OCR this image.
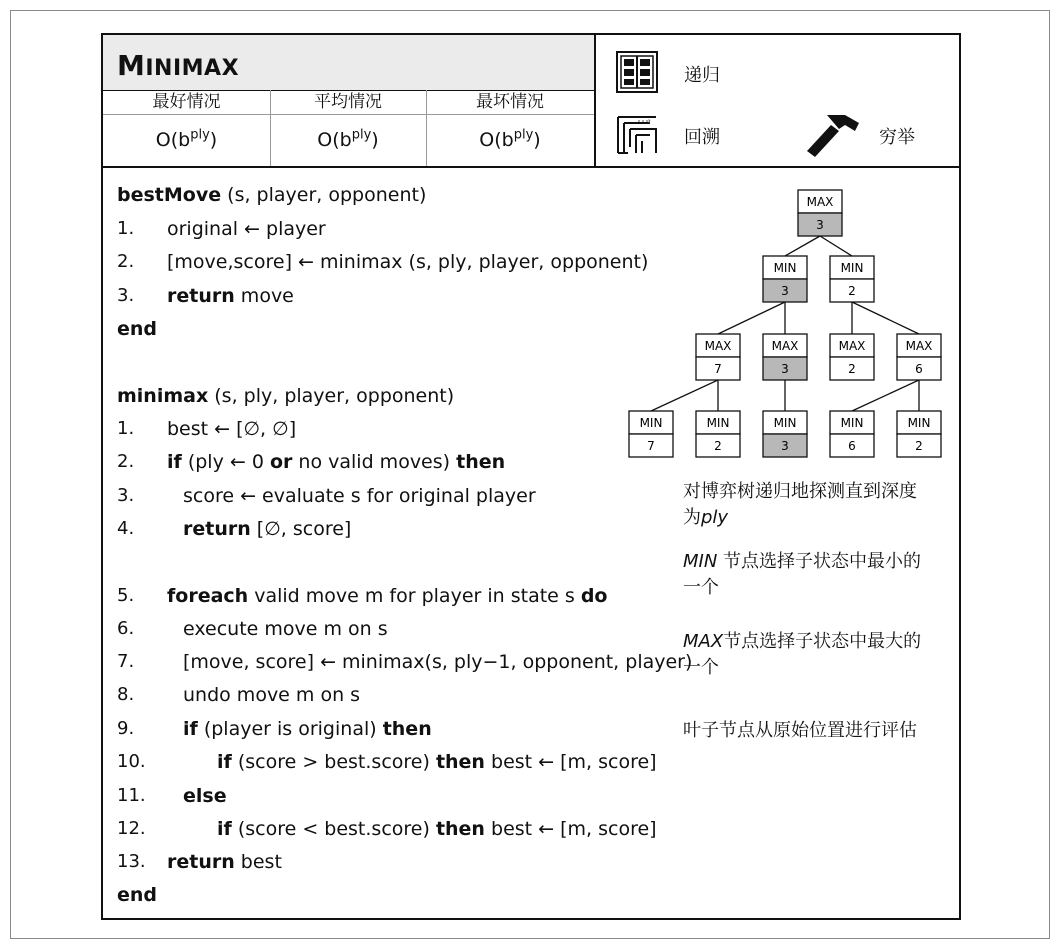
MINIMAX
最好情况	平均情况	最坏情况
$O(b^{ply})$	$O(b^{ply})$	$O(b^{ply})$
递归
回溯	穷举
MAX
3
MIN
3
MIN
2
MAX
7
MAX
3
MAX
2
MAX
6
MIN
7
MIN
2
MIN
3
MIN
6
MIN
2
bestMove (s, player, opponent)
1. original ← player
2. [move,score] ← minimax (s, ply, player, opponent)
3. return move
end
minimax (s, ply, player, opponent)
1. best ← [∅, ∅]
2. if (ply ← 0 or no valid moves) then
3.	score ← evaluate s for original player
4.	return [∅, score]
5. foreach valid move m for player in state s do
6.	execute move m on s
7.	[move, score] ← minimax(s, ply−1, opponent, player)
8.	undo move m on s
9.	if (player is original) then
10.	if (score > best.score) then best ← [m, score]
11. else
12.	if (score < best.score) then best ← [m, score]
13. return best
end
对博弈树递归地探测直到深度为ply
MIN 节点选择子状态中最小的一个
MAX节点选择子状态中最大的一个
叶子节点从原始位置进行评估
